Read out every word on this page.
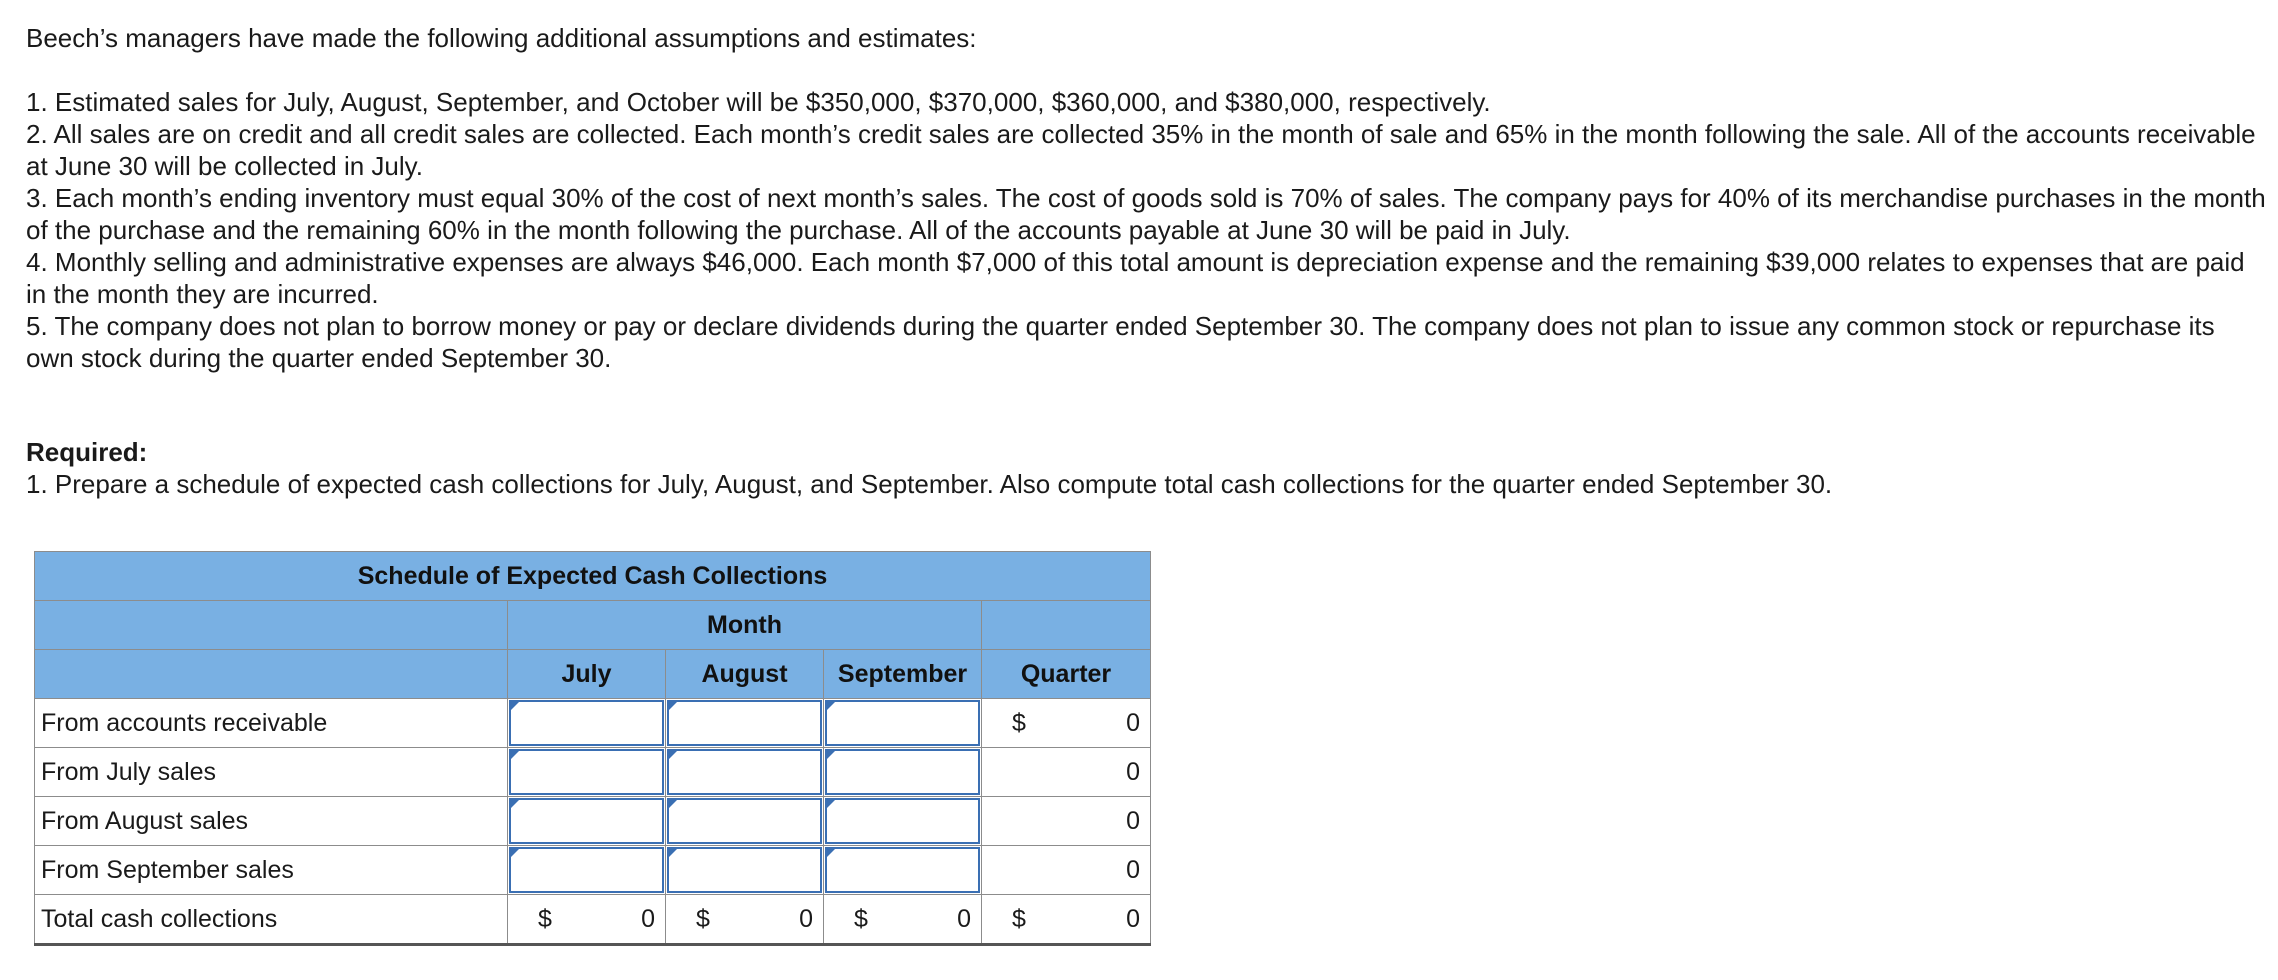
Beech’s managers have made the following additional assumptions and estimates:

1. Estimated sales for July, August, September, and October will be $350,000, $370,000, $360,000, and $380,000, respectively.

2. All sales are on credit and all credit sales are collected. Each month’s credit sales are collected 35% in the month of sale and 65% in the month following the sale. All of the accounts receivable at June 30 will be collected in July.

3. Each month’s ending inventory must equal 30% of the cost of next month’s sales. The cost of goods sold is 70% of sales. The company pays for 40% of its merchandise purchases in the month of the purchase and the remaining 60% in the month following the purchase. All of the accounts payable at June 30 will be paid in July.

4. Monthly selling and administrative expenses are always $46,000. Each month $7,000 of this total amount is depreciation expense and the remaining $39,000 relates to expenses that are paid in the month they are incurred.

5. The company does not plan to borrow money or pay or declare dividends during the quarter ended September 30. The company does not plan to issue any common stock or repurchase its own stock during the quarter ended September 30.

Required:
1. Prepare a schedule of expected cash collections for July, August, and September. Also compute total cash collections for the quarter ended September 30.
Schedule of Expected Cash Collections				
	Month			
	July	August	September	Quarter
From accounts receivable				$ 0

From July sales				0

From August sales				0

From September sales				0

Total cash collections	$ 0	$ 0	$ 0	$ 0
